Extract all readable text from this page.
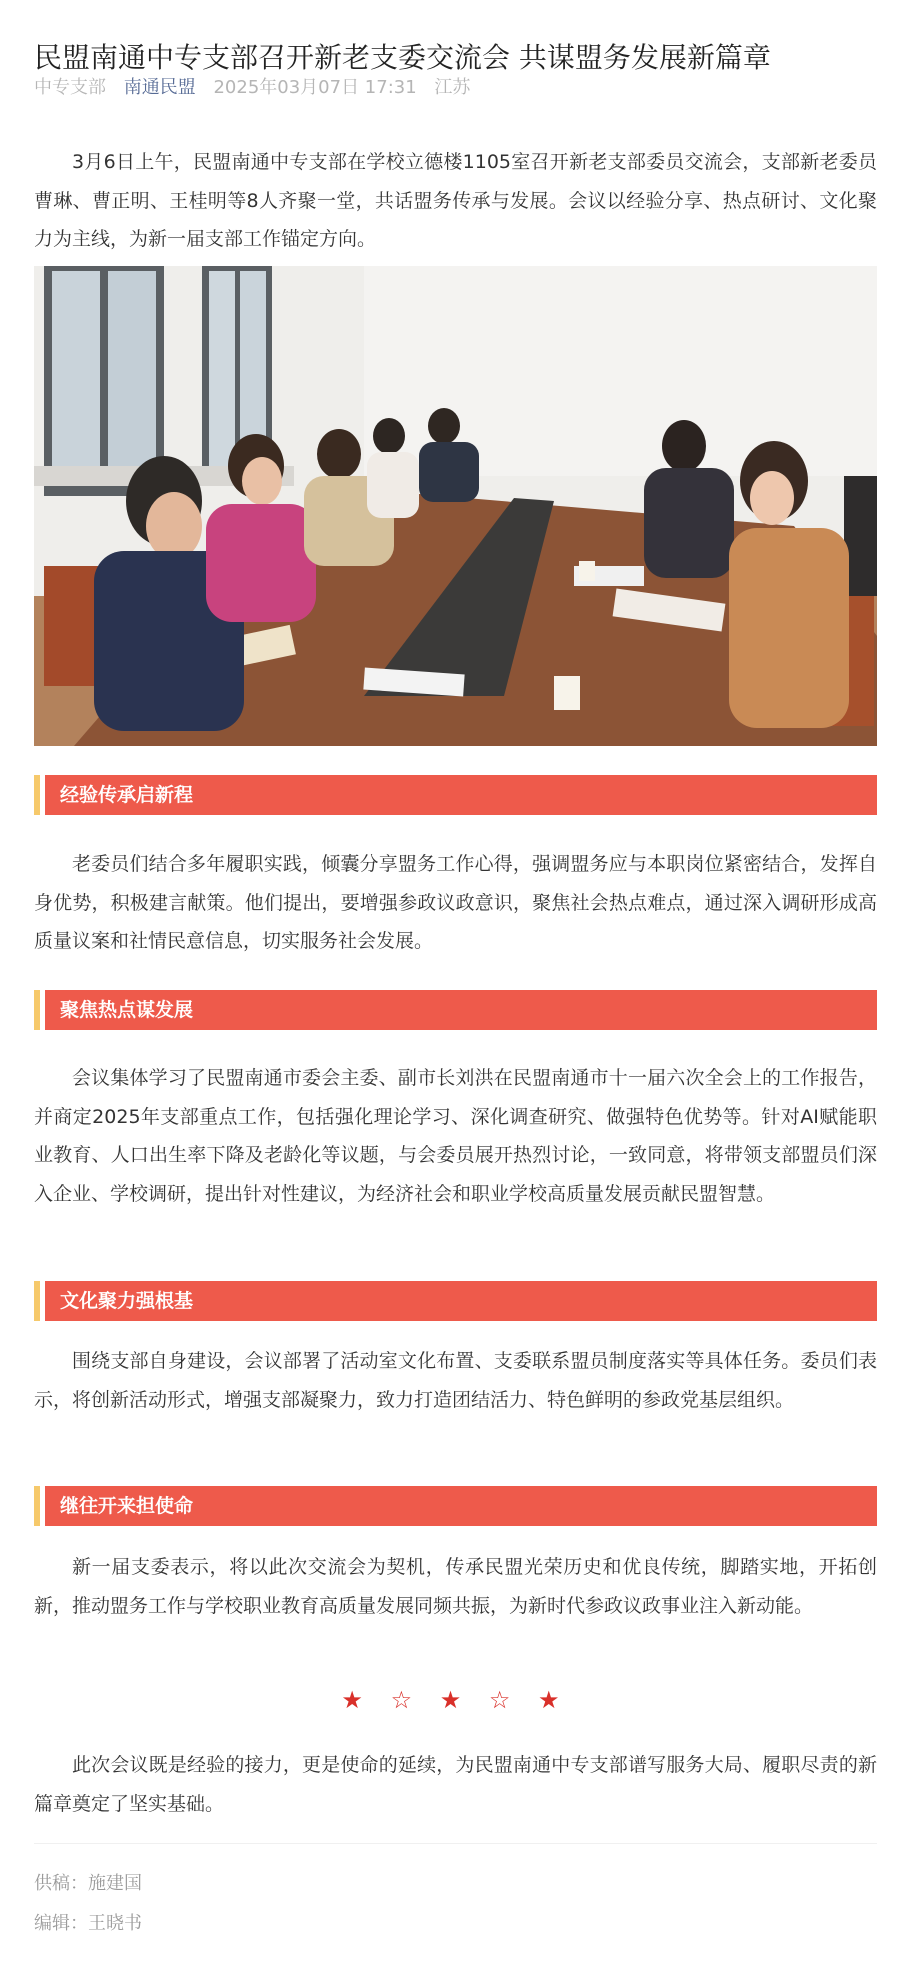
民盟南通中专支部召开新老支委交流会 共谋盟务发展新篇章
中专支部 南通民盟 2025年03月07日 17:31 江苏

3月6日上午，民盟南通中专支部在学校立德楼1105室召开新老支部委员交流会，支部新老委员曹琳、曹正明、王桂明等8人齐聚一堂，共话盟务传承与发展。会议以经验分享、热点研讨、文化聚力为主线，为新一届支部工作锚定方向。

经验传承启新程

老委员们结合多年履职实践，倾囊分享盟务工作心得，强调盟务应与本职岗位紧密结合，发挥自身优势，积极建言献策。他们提出，要增强参政议政意识，聚焦社会热点难点，通过深入调研形成高质量议案和社情民意信息，切实服务社会发展。

聚焦热点谋发展

会议集体学习了民盟南通市委会主委、副市长刘洪在民盟南通市十一届六次全会上的工作报告，并商定2025年支部重点工作，包括强化理论学习、深化调查研究、做强特色优势等。针对AI赋能职业教育、人口出生率下降及老龄化等议题，与会委员展开热烈讨论，一致同意，将带领支部盟员们深入企业、学校调研，提出针对性建议，为经济社会和职业学校高质量发展贡献民盟智慧。

文化聚力强根基

围绕支部自身建设，会议部署了活动室文化布置、支委联系盟员制度落实等具体任务。委员们表示，将创新活动形式，增强支部凝聚力，致力打造团结活力、特色鲜明的参政党基层组织。

继往开来担使命

新一届支委表示，将以此次交流会为契机，传承民盟光荣历史和优良传统，脚踏实地，开拓创新，推动盟务工作与学校职业教育高质量发展同频共振，为新时代参政议政事业注入新动能。

★ ☆ ★ ☆ ★

此次会议既是经验的接力，更是使命的延续，为民盟南通中专支部谱写服务大局、履职尽责的新篇章奠定了坚实基础。

供稿：施建国
编辑：王晓书
